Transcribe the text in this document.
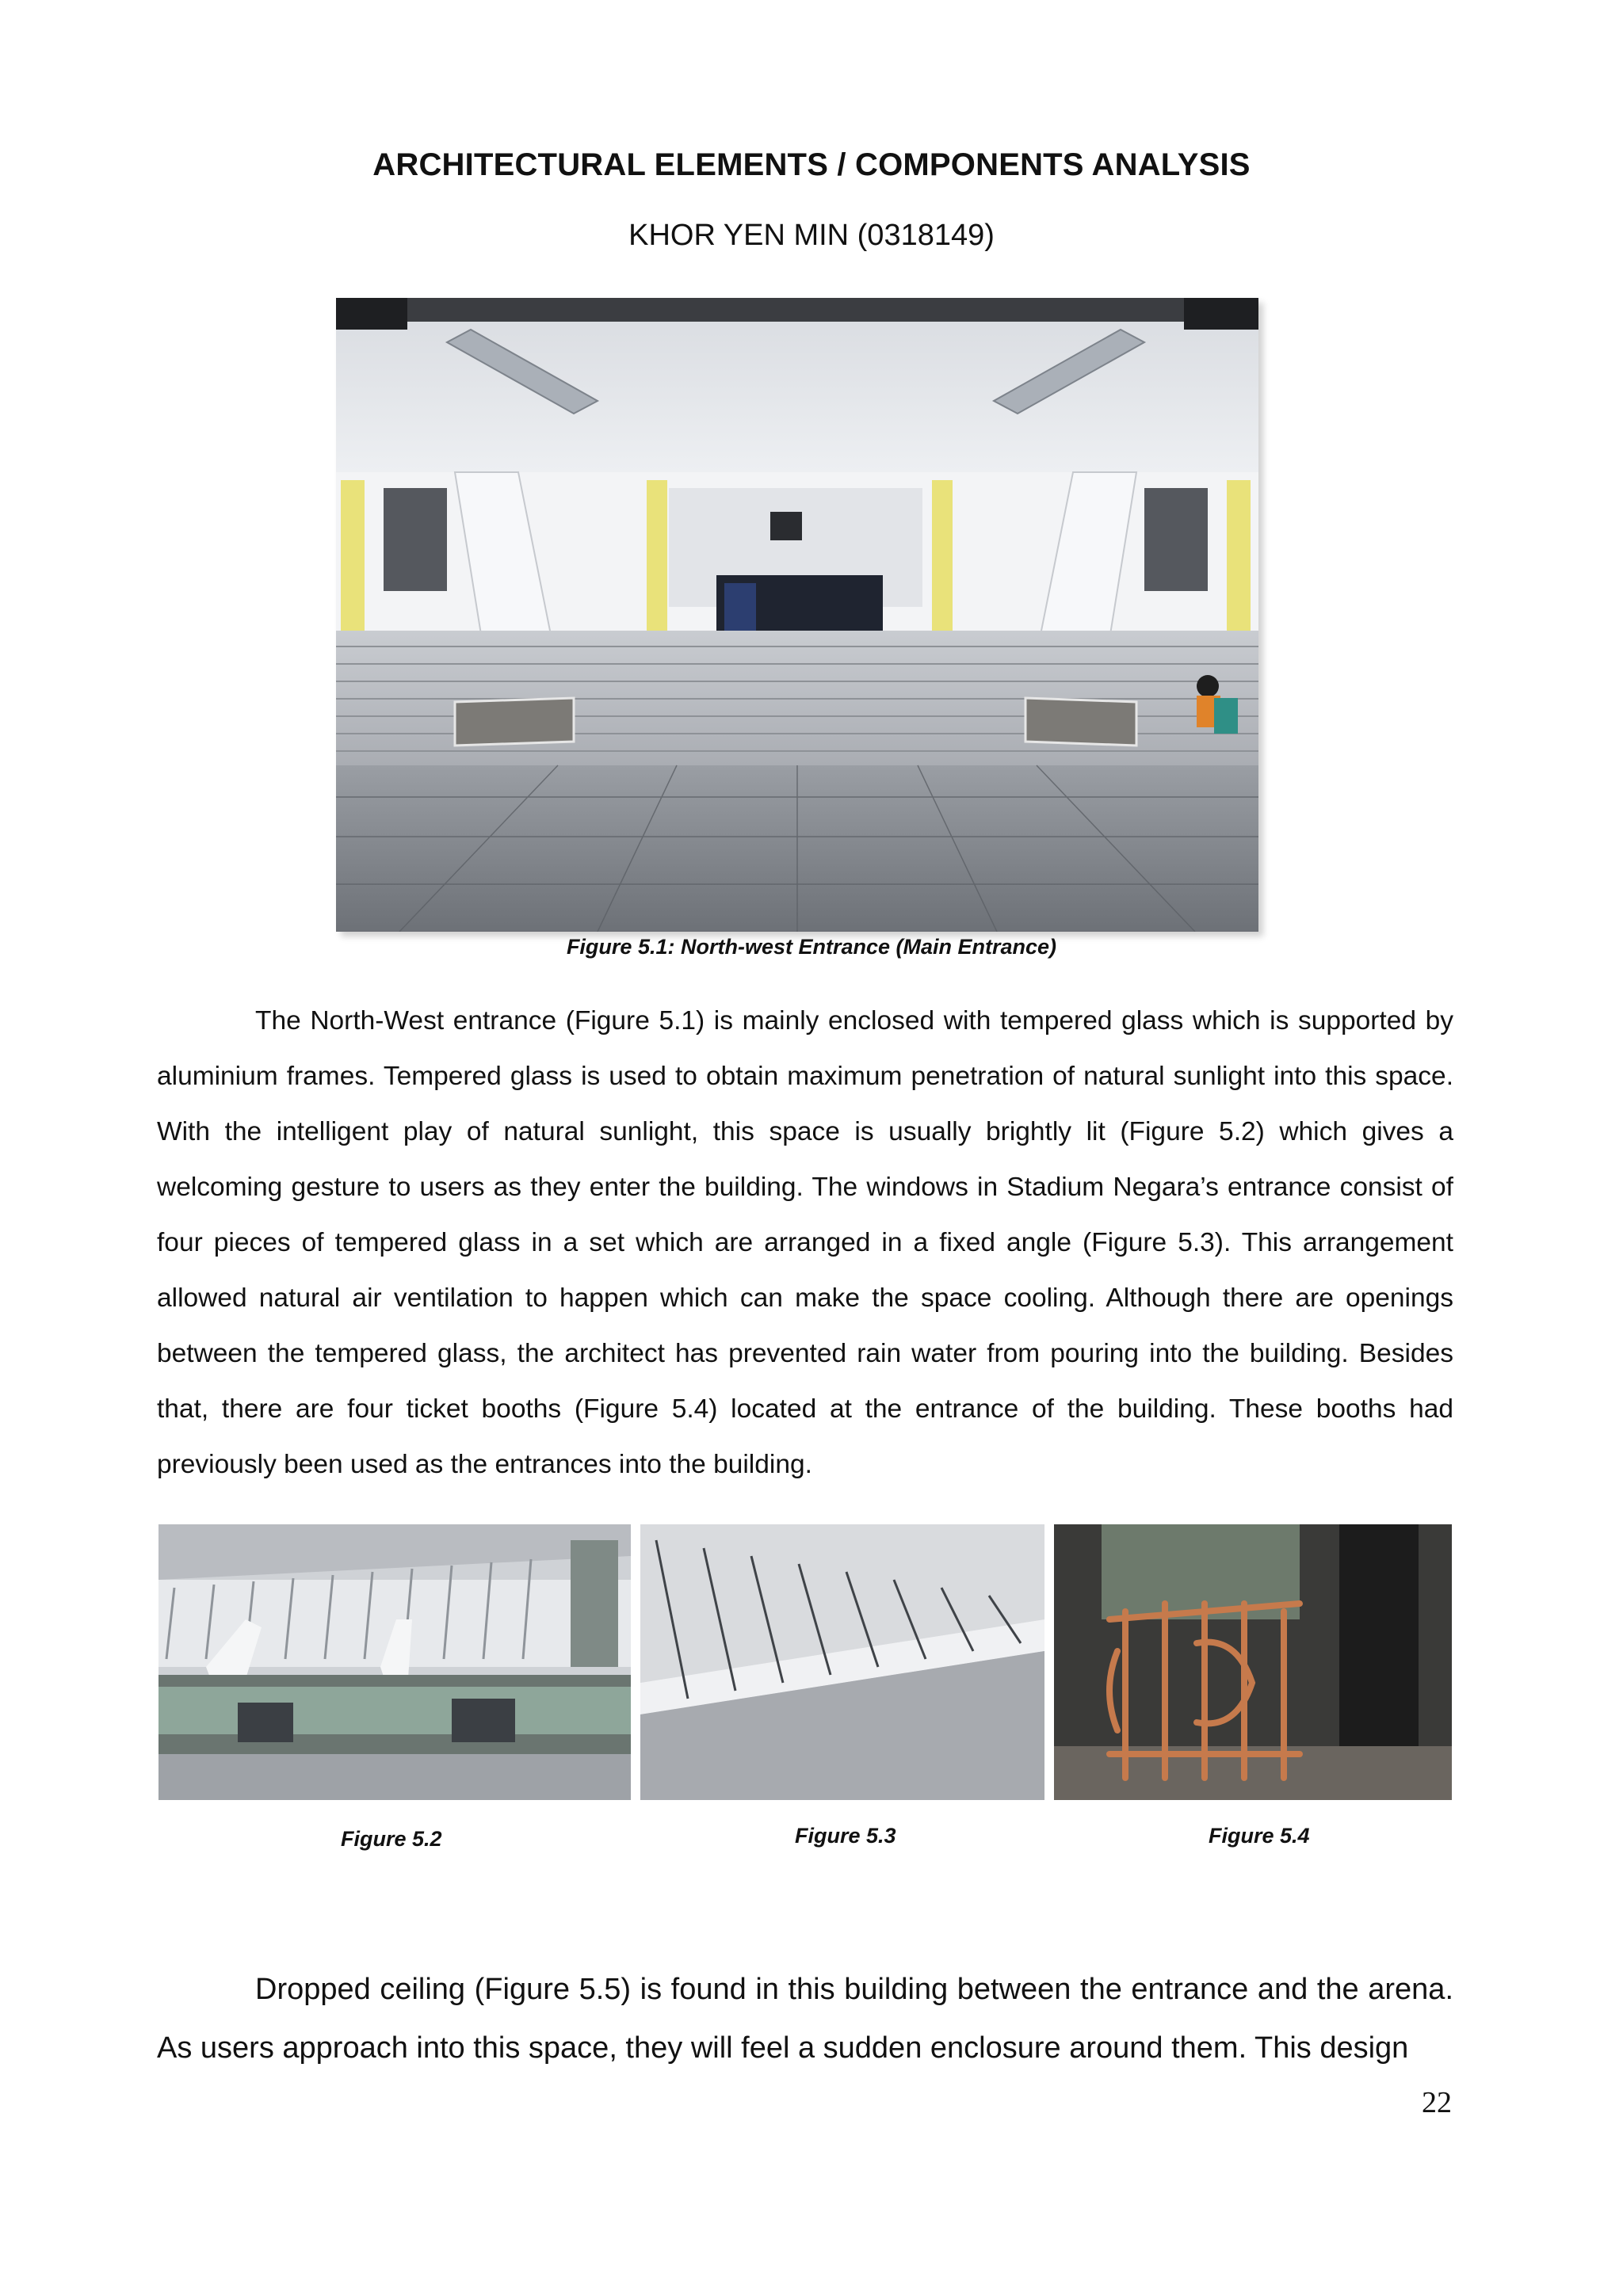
ARCHITECTURAL ELEMENTS / COMPONENTS ANALYSIS
KHOR YEN MIN (0318149)
Figure 5.1: North-west Entrance (Main Entrance)

The North-West entrance (Figure 5.1) is mainly enclosed with tempered glass which is supported by aluminium frames. Tempered glass is used to obtain maximum penetration of natural sunlight into this space. With the intelligent play of natural sunlight, this space is usually brightly lit (Figure 5.2) which gives a welcoming gesture to users as they enter the building. The windows in Stadium Negara’s entrance consist of four pieces of tempered glass in a set which are arranged in a fixed angle (Figure 5.3). This arrangement allowed natural air ventilation to happen which can make the space cooling. Although there are openings between the tempered glass, the architect has prevented rain water from pouring into the building. Besides that, there are four ticket booths (Figure 5.4) located at the entrance of the building. These booths had previously been used as the entrances into the building.

Figure 5.2	Figure 5.3	Figure 5.4

Dropped ceiling (Figure 5.5) is found in this building between the entrance and the arena. As users approach into this space, they will feel a sudden enclosure around them. This design

22
